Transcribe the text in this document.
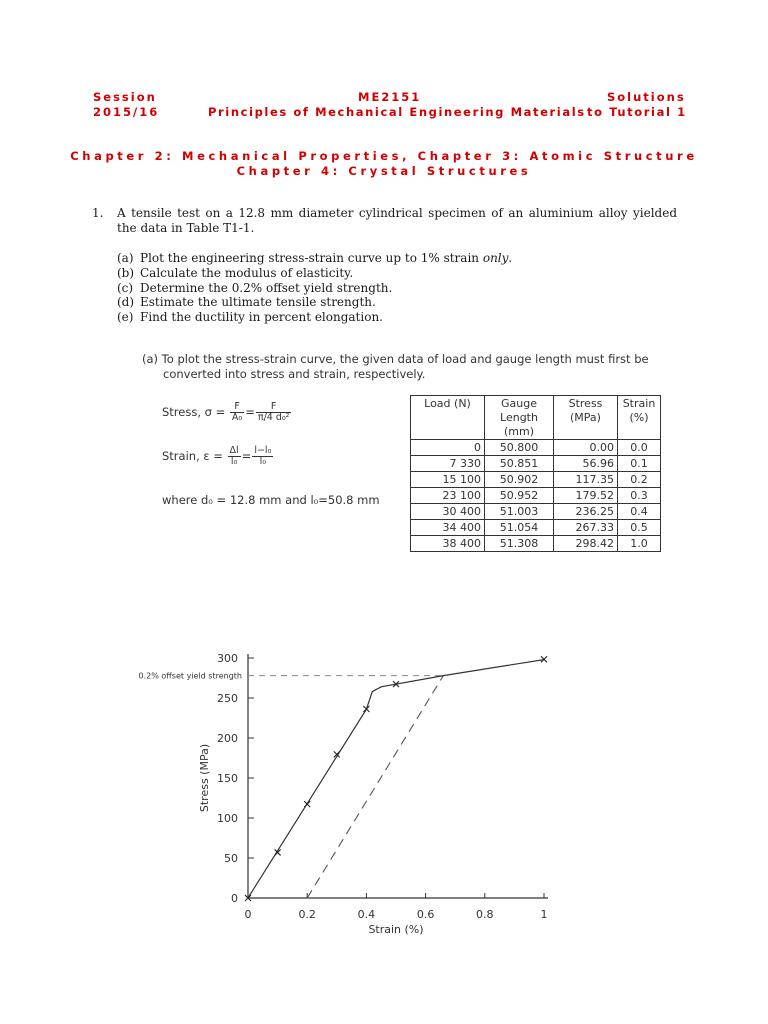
Session
2015/16
ME2151
Principles of Mechanical Engineering Materials
Solutions
to Tutorial 1
Chapter 2: Mechanical Properties, Chapter 3: Atomic Structure
Chapter 4: Crystal Structures
1. A tensile test on a 12.8 mm diameter cylindrical specimen of an aluminium alloy yielded the data in Table T1-1.
(a) Plot the engineering stress-strain curve up to 1% strain only.
(b) Calculate the modulus of elasticity.
(c) Determine the 0.2% offset yield strength.
(d) Estimate the ultimate tensile strength.
(e) Find the ductility in percent elongation.
(a) To plot the stress-strain curve, the given data of load and gauge length must first be
converted into stress and strain, respectively.
Stress, $\sigma = \frac{F}{\text{A₀}} = \frac{F}{\text{π/4 d₀²}}$
Strain, $\varepsilon = \frac{\Delta l}{\text{l₀}} = \frac{\text{l−l₀}}{\text{l₀}}$
where d₀ = 12.8 mm and l₀=50.8 mm
Load (N)	Gauge Length (mm)	Stress (MPa)	Strain (%)
0	50.800	0.00	0.0
7 330	50.851	56.96	0.1
15 100	50.902	117.35	0.2
23 100	50.952	179.52	0.3
30 400	51.003	236.25	0.4
34 400	51.054	267.33	0.5
38 400	51.308	298.42	1.0
0
50
100
150
200
250
300
0	0.2	0.4	0.6	0.8	1
Strain (%)
Stress (MPa)
0.2% offset yield strength
